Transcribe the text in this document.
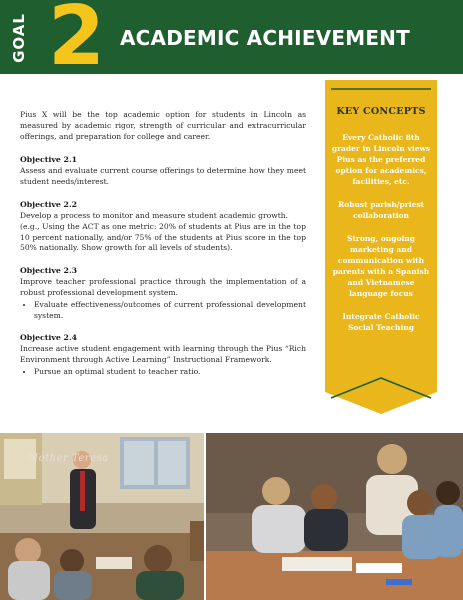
GOAL 2 ACADEMIC ACHIEVEMENT

Pius X will be the top academic option for students in Lincoln as measured by academic rigor, strength of curricular and extracurricular offerings, and preparation for college and career.

Objective 2.1
Assess and evaluate current course offerings to determine how they meet student needs/interest.
Objective 2.2
Develop a process to monitor and measure student academic growth.
(e.g., Using the ACT as one metric: 20% of students at Pius are in the top 10 percent nationally, and/or 75% of the students at Pius score in the top 50% nationally. Show growth for all levels of students).
Objective 2.3
Improve teacher professional practice through the implementation of a robust professional development system.
• Evaluate effectiveness/outcomes of current professional development system.
Objective 2.4
Increase active student engagement with learning through the Pius “Rich Environment through Active Learning” Instructional Framework.
• Pursue an optimal student to teacher ratio.
KEY CONCEPTS
Every Catholic 8th grader in Lincoln views Pius as the preferred option for academics, facilities, etc.
Robust parish/priest collaboration
Strong, ongoing marketing and communication with parents with a Spanish and Vietnamese language focus
Integrate Catholic Social Teaching
-Mother Teresa
